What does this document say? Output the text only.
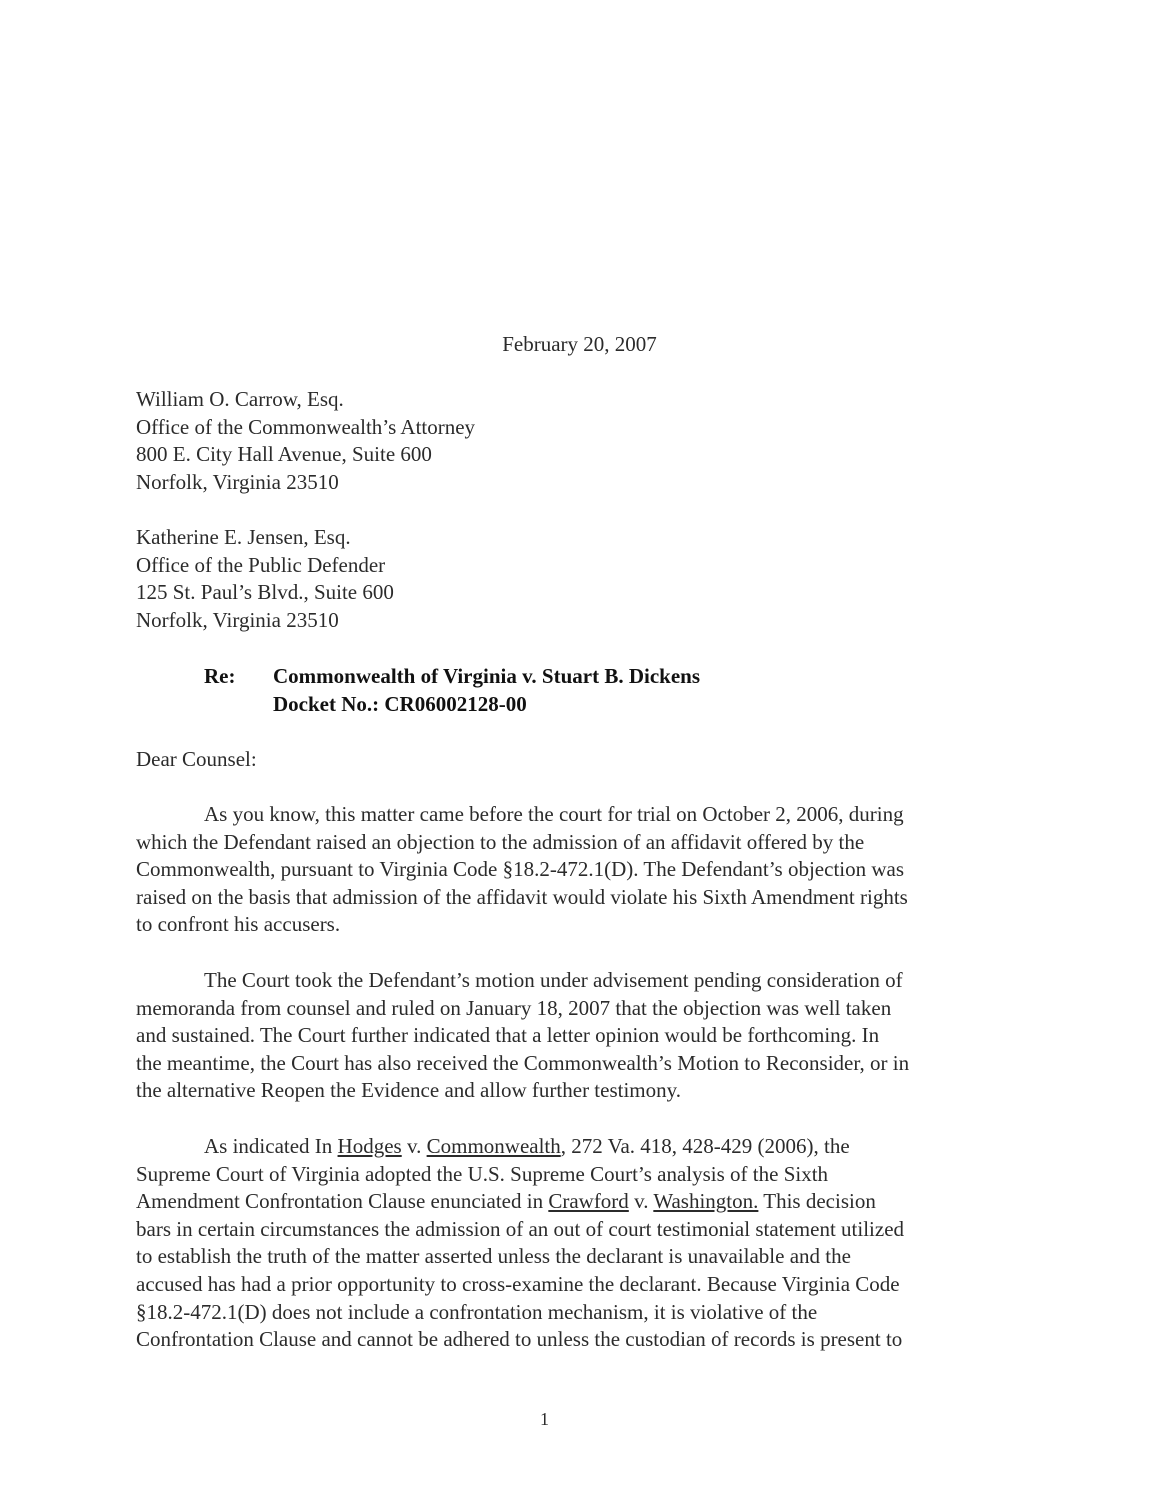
February 20, 2007
William O. Carrow, Esq.
Office of the Commonwealth’s Attorney
800 E. City Hall Avenue, Suite 600
Norfolk, Virginia 23510
Katherine E. Jensen, Esq.
Office of the Public Defender
125 St. Paul’s Blvd., Suite 600
Norfolk, Virginia 23510
Re:	Commonwealth of Virginia v. Stuart B. Dickens
Docket No.: CR06002128-00
Dear Counsel:
As you know, this matter came before the court for trial on October 2, 2006, during
which the Defendant raised an objection to the admission of an affidavit offered by the
Commonwealth, pursuant to Virginia Code §18.2-472.1(D). The Defendant’s objection was
raised on the basis that admission of the affidavit would violate his Sixth Amendment rights
to confront his accusers.
The Court took the Defendant’s motion under advisement pending consideration of
memoranda from counsel and ruled on January 18, 2007 that the objection was well taken
and sustained. The Court further indicated that a letter opinion would be forthcoming. In
the meantime, the Court has also received the Commonwealth’s Motion to Reconsider, or in
the alternative Reopen the Evidence and allow further testimony.
As indicated In Hodges v. Commonwealth, 272 Va. 418, 428-429 (2006), the
Supreme Court of Virginia adopted the U.S. Supreme Court’s analysis of the Sixth
Amendment Confrontation Clause enunciated in Crawford v. Washington. This decision
bars in certain circumstances the admission of an out of court testimonial statement utilized
to establish the truth of the matter asserted unless the declarant is unavailable and the
accused has had a prior opportunity to cross-examine the declarant. Because Virginia Code
§18.2-472.1(D) does not include a confrontation mechanism, it is violative of the
Confrontation Clause and cannot be adhered to unless the custodian of records is present to
1
